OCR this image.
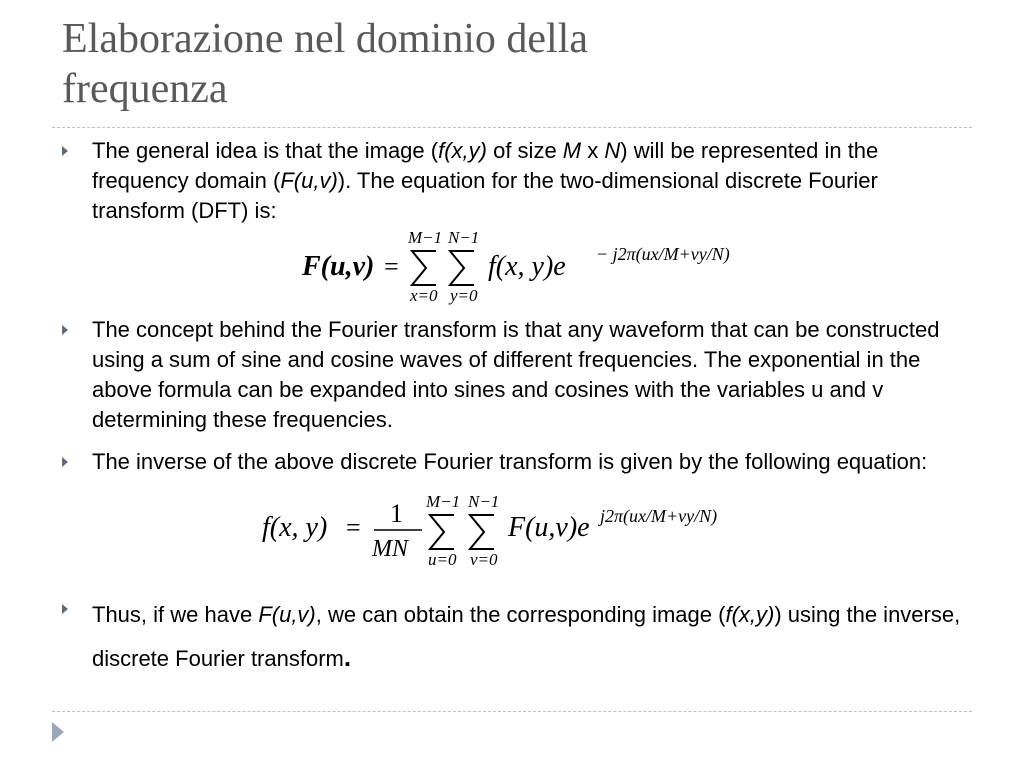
Elaborazione nel dominio della
frequenza

The general idea is that the image (f(x,y) of size M x N) will be represented in the frequency domain (F(u,v)). The equation for the two-dimensional discrete Fourier transform (DFT) is:

F(u,v) =
M−1
x=0
N−1
y=0
f(x, y)e − j2π(ux/M+vy/N)

The concept behind the Fourier transform is that any waveform that can be constructed using a sum of sine and cosine waves of different frequencies. The exponential in the above formula can be expanded into sines and cosines with the variables u and v determining these frequencies.

The inverse of the above discrete Fourier transform is given by the following equation:

f(x, y) = 1
MN
M−1
u=0
N−1
v=0
F(u,v)e j2π(ux/M+vy/N)

Thus, if we have F(u,v), we can obtain the corresponding image (f(x,y)) using the inverse, discrete Fourier transform.
